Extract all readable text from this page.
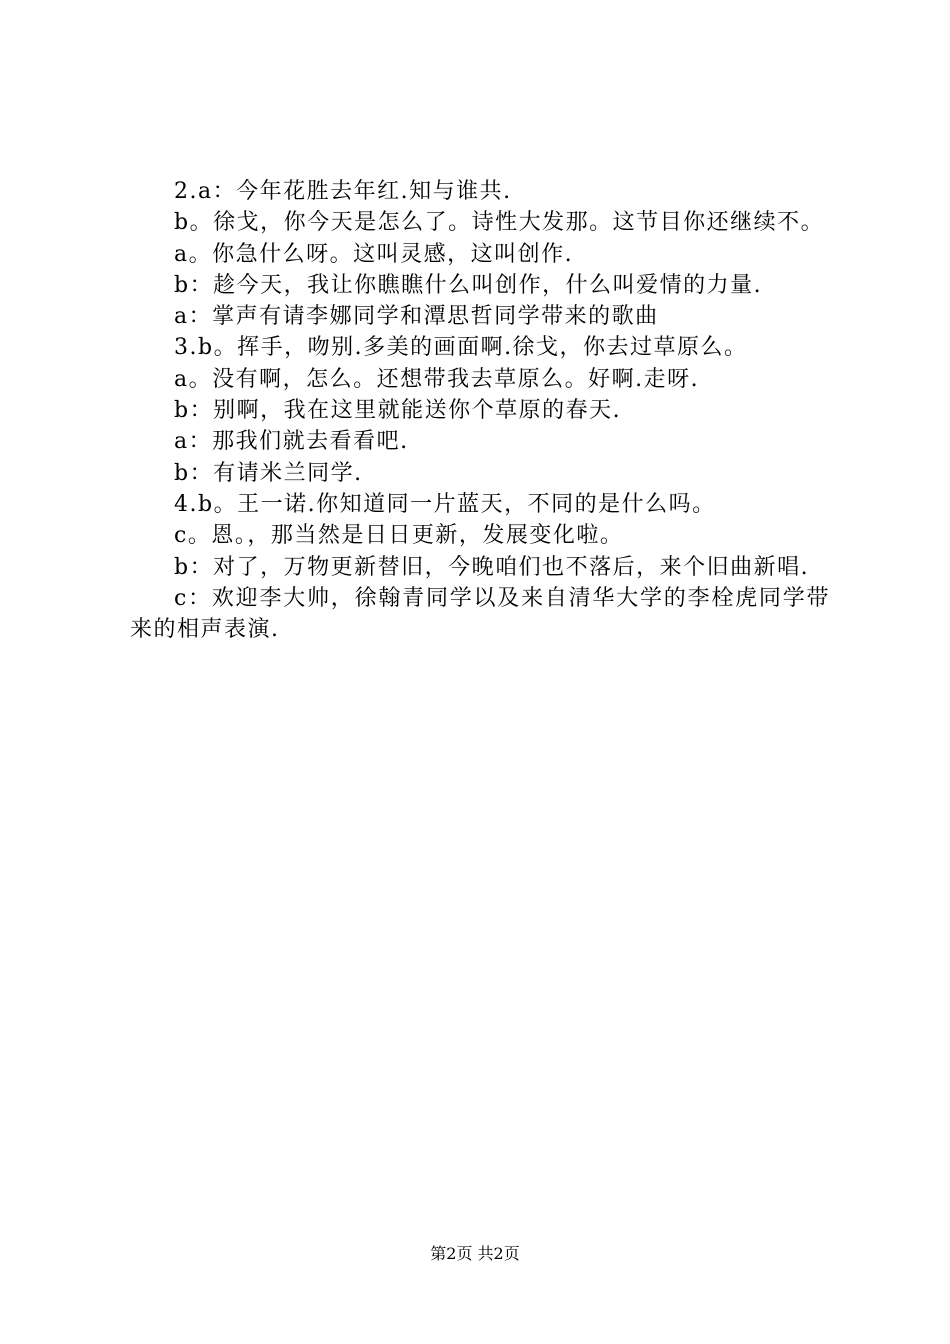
2.a：今年花胜去年红.知与谁共.

b。徐戈，你今天是怎么了。诗性大发那。这节目你还继续不。

a。你急什么呀。这叫灵感，这叫创作.

b：趁今天，我让你瞧瞧什么叫创作，什么叫爱情的力量.

a：掌声有请李娜同学和潭思哲同学带来的歌曲

3.b。挥手，吻别.多美的画面啊.徐戈，你去过草原么。

a。没有啊，怎么。还想带我去草原么。好啊.走呀.

b：别啊，我在这里就能送你个草原的春天.

a：那我们就去看看吧.

b：有请米兰同学.

4.b。王一诺.你知道同一片蓝天，不同的是什么吗。

c。恩。，那当然是日日更新，发展变化啦。

b：对了，万物更新替旧，今晚咱们也不落后，来个旧曲新唱.

c：欢迎李大帅，徐翰青同学以及来自清华大学的李栓虎同学带来的相声表演.

第2页 共2页
